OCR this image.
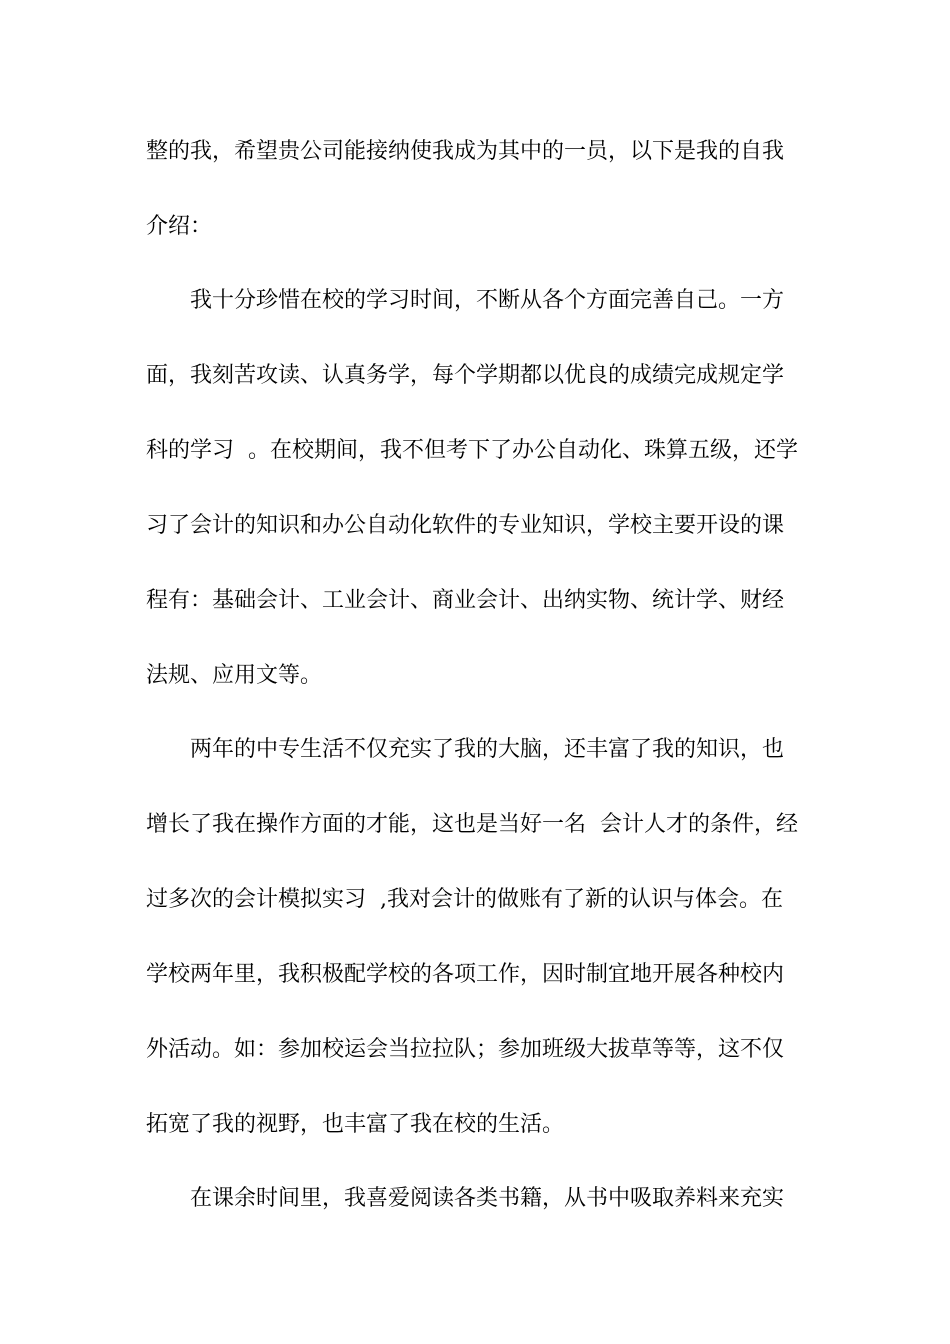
整的我，希望贵公司能接纳使我成为其中的一员，以下是我的自我
介绍：
我十分珍惜在校的学习时间，不断从各个方面完善自己。一方
面，我刻苦攻读、认真务学，每个学期都以优良的成绩完成规定学
科的学习  。在校期间，我不但考下了办公自动化、珠算五级，还学
习了会计的知识和办公自动化软件的专业知识，学校主要开设的课
程有：基础会计、工业会计、商业会计、出纳实物、统计学、财经
法规、应用文等。
两年的中专生活不仅充实了我的大脑，还丰富了我的知识，也
增长了我在操作方面的才能，这也是当好一名  会计人才的条件，经
过多次的会计模拟实习  ,我对会计的做账有了新的认识与体会。在
学校两年里，我积极配学校的各项工作，因时制宜地开展各种校内
外活动。如：参加校运会当拉拉队；参加班级大拔草等等，这不仅
拓宽了我的视野，也丰富了我在校的生活。
在课余时间里，我喜爱阅读各类书籍，从书中吸取养料来充实
